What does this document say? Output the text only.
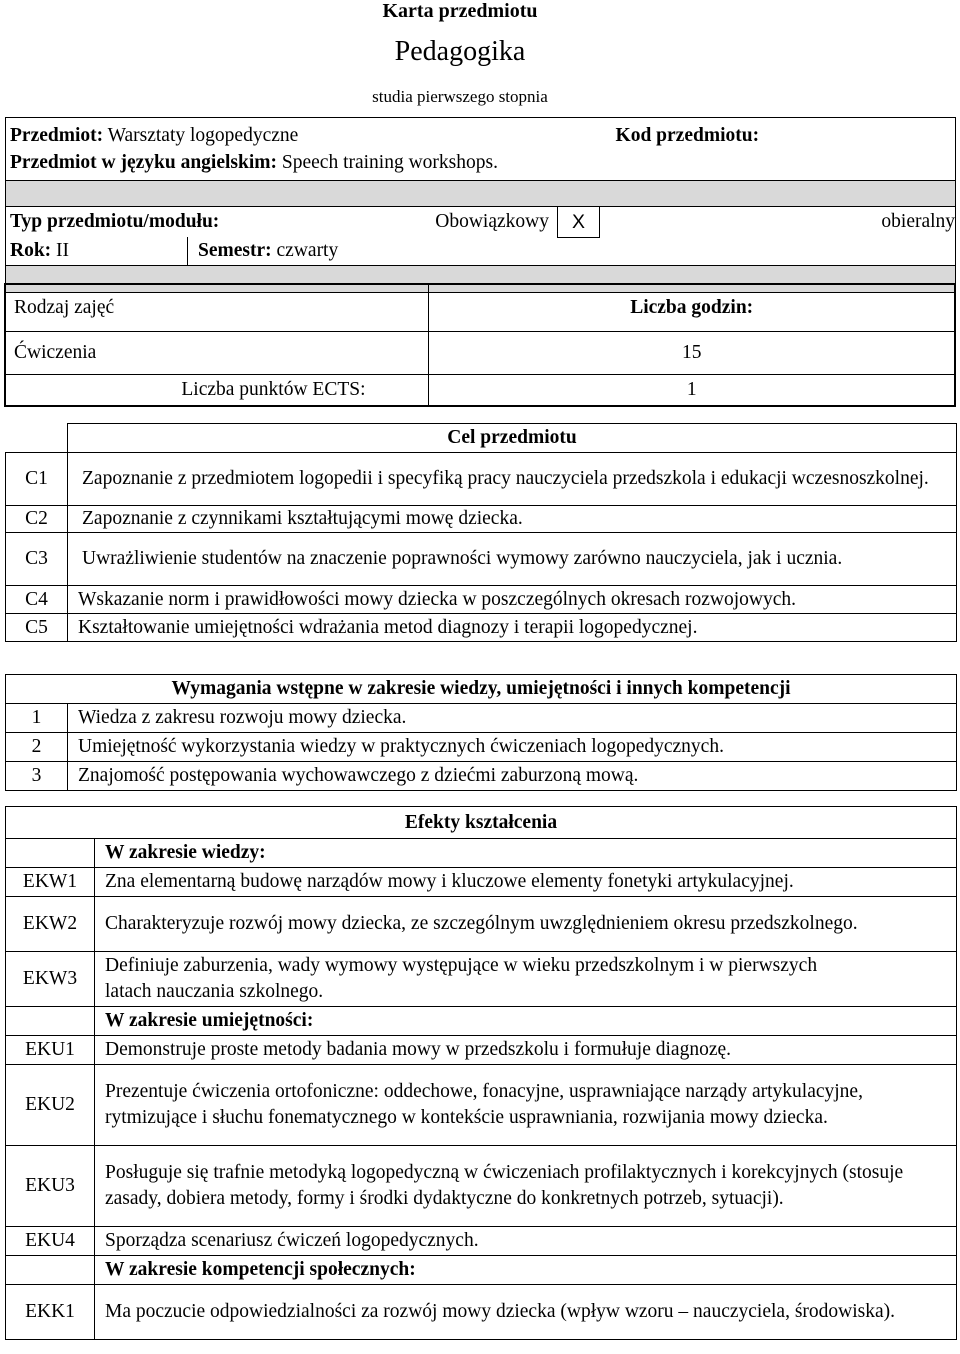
Karta przedmiotu
Pedagogika
studia pierwszego stopnia
Przedmiot: Warsztaty logopedyczne				Kod przedmiotu:
Przedmiot w języku angielskim: Speech training workshops.				

Typ przedmiotu/modułu:		Obowiązkowy	X	obieralny
Rok: II	Semestr: czwarty			

Rodzaj zajęć		Liczba godzin:
Ćwiczenia		15
	Liczba punktów ECTS:	1
	Cel przedmiotu
C1	Zapoznanie z przedmiotem logopedii i specyfiką pracy nauczyciela przedszkola i edukacji wczesnoszkolnej.
C2	Zapoznanie z czynnikami kształtującymi mowę dziecka.
C3	Uwrażliwienie studentów na znaczenie poprawności wymowy zarówno nauczyciela, jak i ucznia.
C4	Wskazanie norm i prawidłowości mowy dziecka w poszczególnych okresach rozwojowych.
C5	Kształtowanie umiejętności wdrażania metod diagnozy i terapii logopedycznej.
Wymagania wstępne w zakresie wiedzy, umiejętności i innych kompetencji	
1	Wiedza z zakresu rozwoju mowy dziecka.
2	Umiejętność wykorzystania wiedzy w praktycznych ćwiczeniach logopedycznych.
3	Znajomość postępowania wychowawczego z dziećmi zaburzoną mową.
Efekty kształcenia	
	W zakresie wiedzy:
EKW1	Zna elementarną budowę narządów mowy i kluczowe elementy fonetyki artykulacyjnej.
EKW2	Charakteryzuje rozwój mowy dziecka, ze szczególnym uwzględnieniem okresu przedszkolnego.
EKW3	Definiuje zaburzenia, wady wymowy występujące w wieku przedszkolnym i w pierwszych latach nauczania szkolnego.
	W zakresie umiejętności:
EKU1	Demonstruje proste metody badania mowy w przedszkolu i formułuje diagnozę.
EKU2	Prezentuje ćwiczenia ortofoniczne: oddechowe, fonacyjne, usprawniające narządy artykulacyjne, rytmizujące i słuchu fonematycznego w kontekście usprawniania, rozwijania mowy dziecka.
EKU3	Posługuje się trafnie metodyką logopedyczną w ćwiczeniach profilaktycznych i korekcyjnych (stosuje zasady, dobiera metody, formy i środki dydaktyczne do konkretnych potrzeb, sytuacji).
EKU4	Sporządza scenariusz ćwiczeń logopedycznych.
	W zakresie kompetencji społecznych:
EKK1	Ma poczucie odpowiedzialności za rozwój mowy dziecka (wpływ wzoru – nauczyciela, środowiska).
